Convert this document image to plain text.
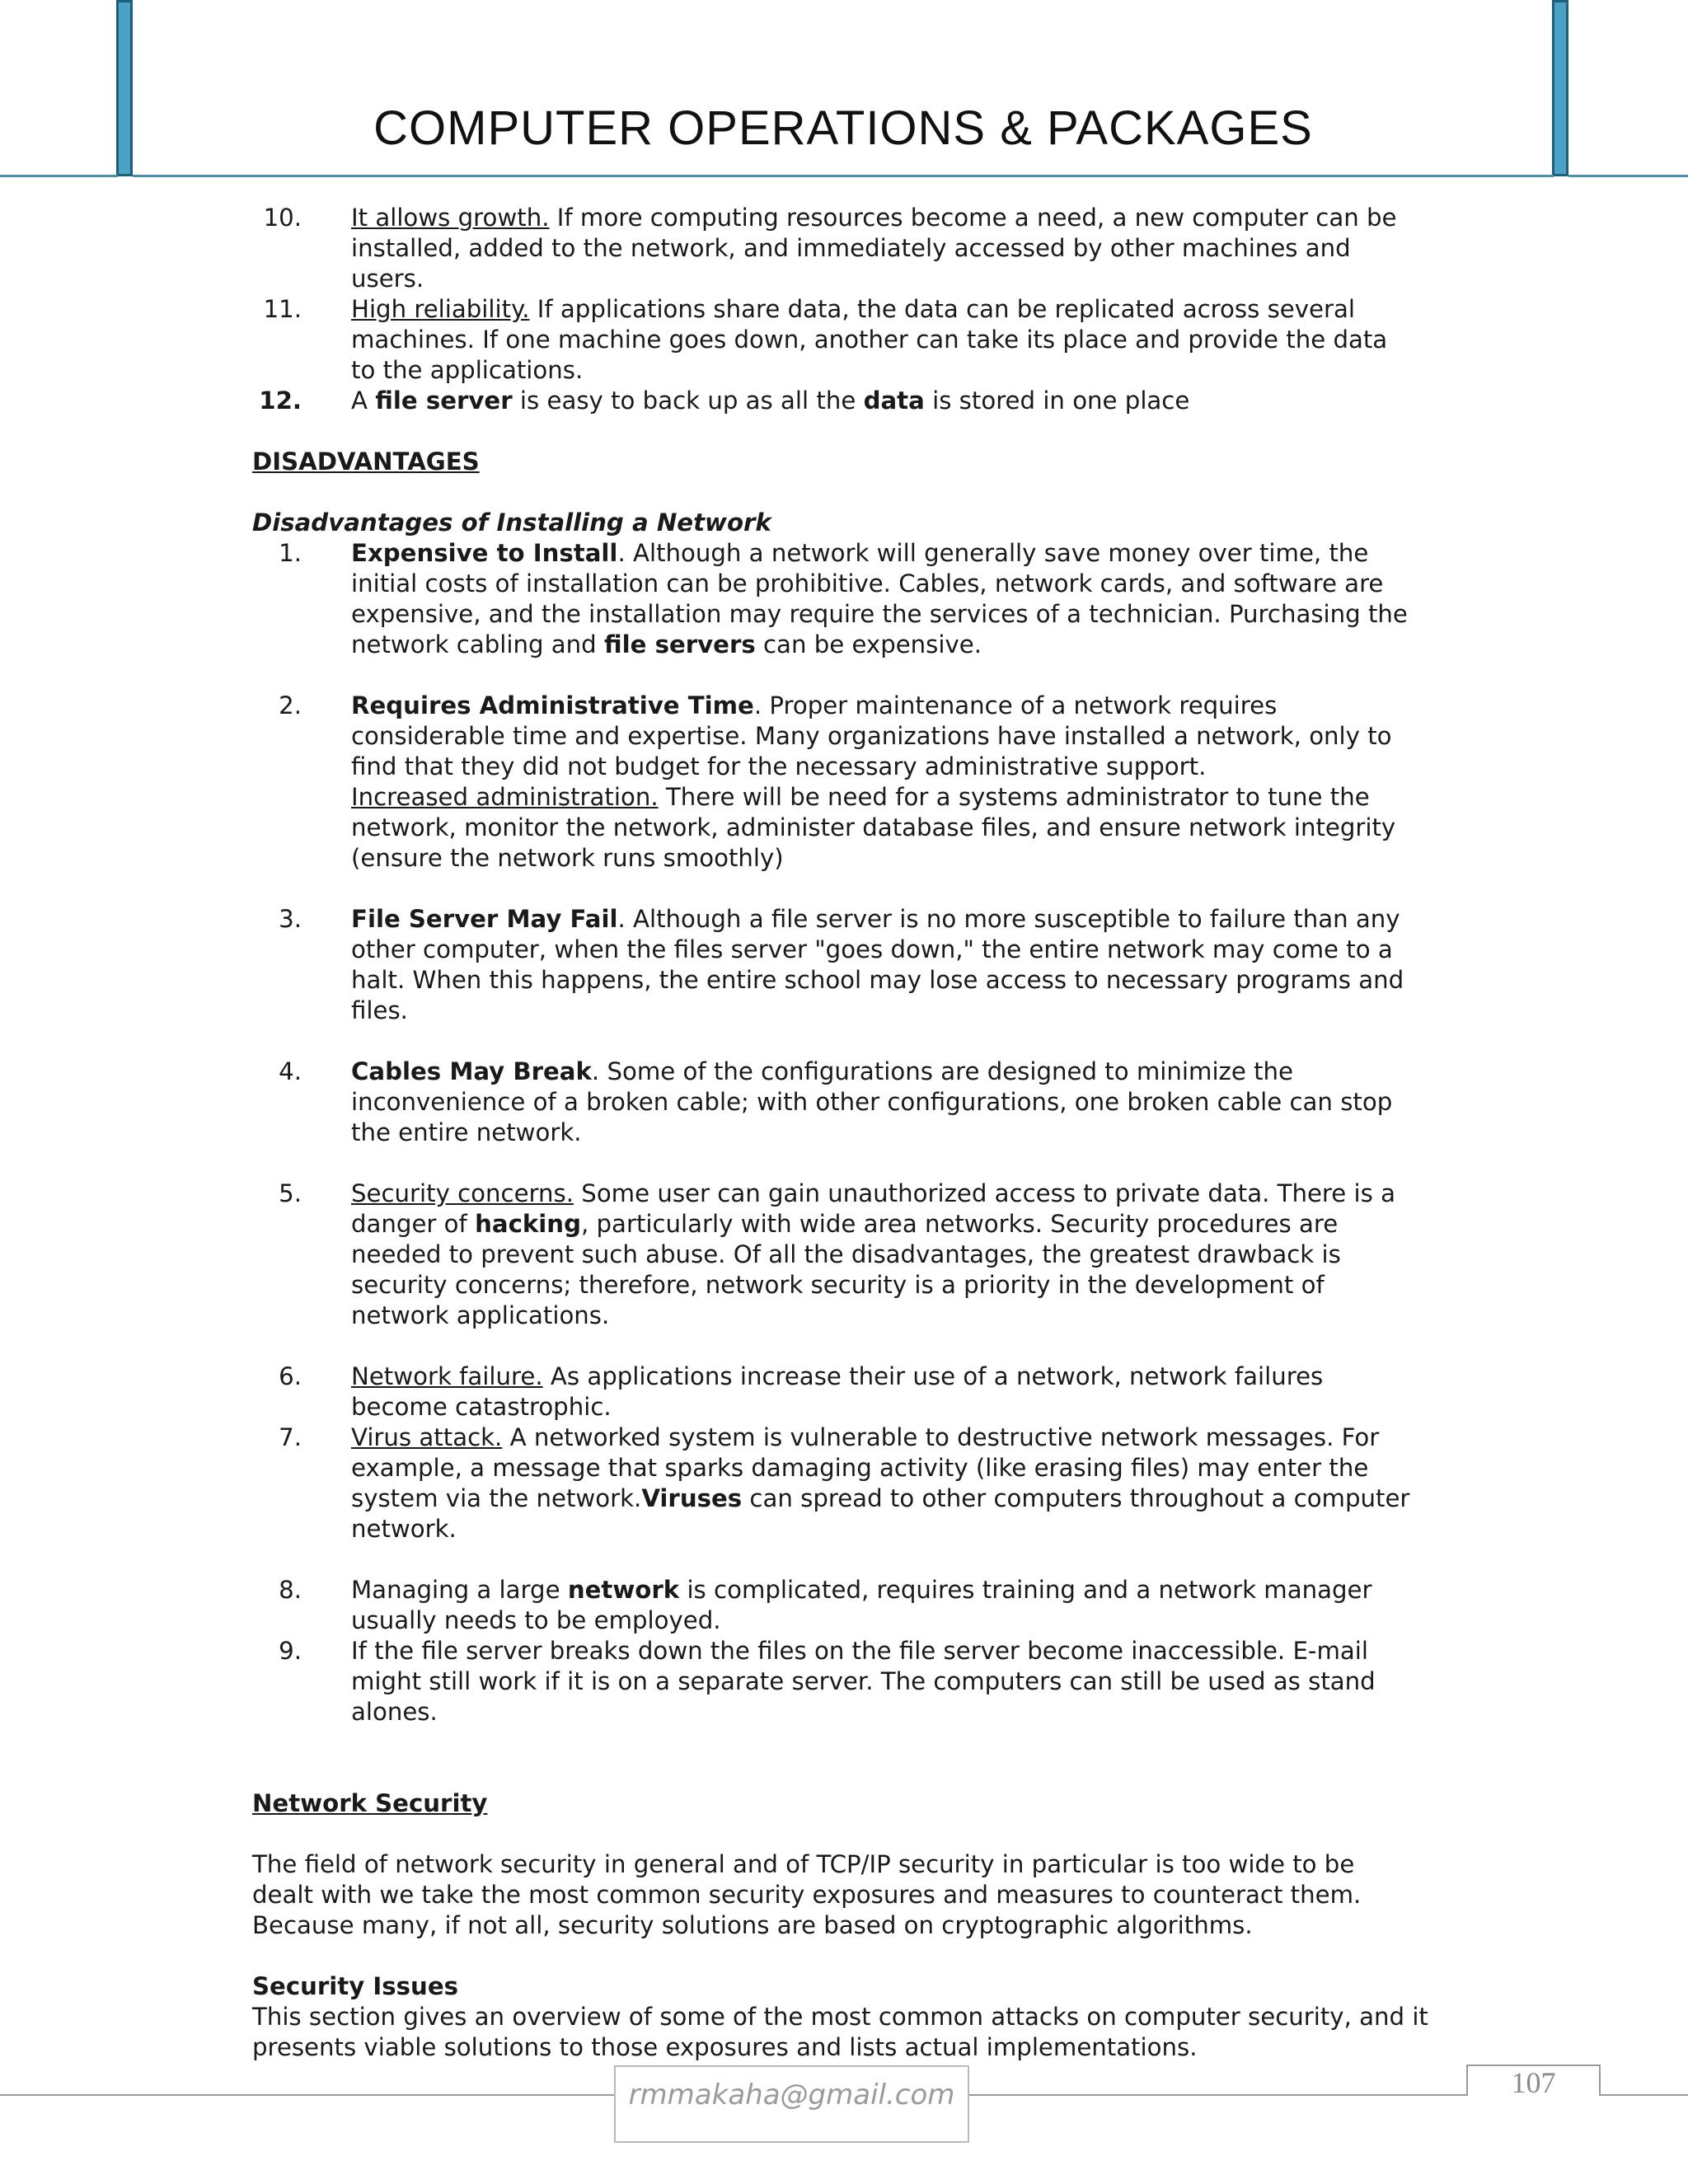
COMPUTER OPERATIONS & PACKAGES
10. It allows growth. If more computing resources become a need, a new computer can be installed, added to the network, and immediately accessed by other machines and users.
11. High reliability. If applications share data, the data can be replicated across several machines. If one machine goes down, another can take its place and provide the data to the applications.
12. A file server is easy to back up as all the data is stored in one place
DISADVANTAGES
Disadvantages of Installing a Network
1. Expensive to Install. Although a network will generally save money over time, the initial costs of installation can be prohibitive. Cables, network cards, and software are expensive, and the installation may require the services of a technician. Purchasing the network cabling and file servers can be expensive.
2. Requires Administrative Time. Proper maintenance of a network requires considerable time and expertise. Many organizations have installed a network, only to find that they did not budget for the necessary administrative support.
Increased administration. There will be need for a systems administrator to tune the network, monitor the network, administer database files, and ensure network integrity (ensure the network runs smoothly)
3. File Server May Fail. Although a file server is no more susceptible to failure than any other computer, when the files server "goes down," the entire network may come to a halt. When this happens, the entire school may lose access to necessary programs and files.
4. Cables May Break. Some of the configurations are designed to minimize the inconvenience of a broken cable; with other configurations, one broken cable can stop the entire network.
5. Security concerns. Some user can gain unauthorized access to private data. There is a danger of hacking, particularly with wide area networks. Security procedures are needed to prevent such abuse. Of all the disadvantages, the greatest drawback is security concerns; therefore, network security is a priority in the development of network applications.
6. Network failure. As applications increase their use of a network, network failures become catastrophic.
7. Virus attack. A networked system is vulnerable to destructive network messages. For example, a message that sparks damaging activity (like erasing files) may enter the system via the network.Viruses can spread to other computers throughout a computer network.
8. Managing a large network is complicated, requires training and a network manager usually needs to be employed.
9. If the file server breaks down the files on the file server become inaccessible. E-mail might still work if it is on a separate server. The computers can still be used as stand alones.
Network Security
The field of network security in general and of TCP/IP security in particular is too wide to be dealt with we take the most common security exposures and measures to counteract them. Because many, if not all, security solutions are based on cryptographic algorithms.
Security Issues
This section gives an overview of some of the most common attacks on computer security, and it presents viable solutions to those exposures and lists actual implementations.
rmmakaha@gmail.com	107
